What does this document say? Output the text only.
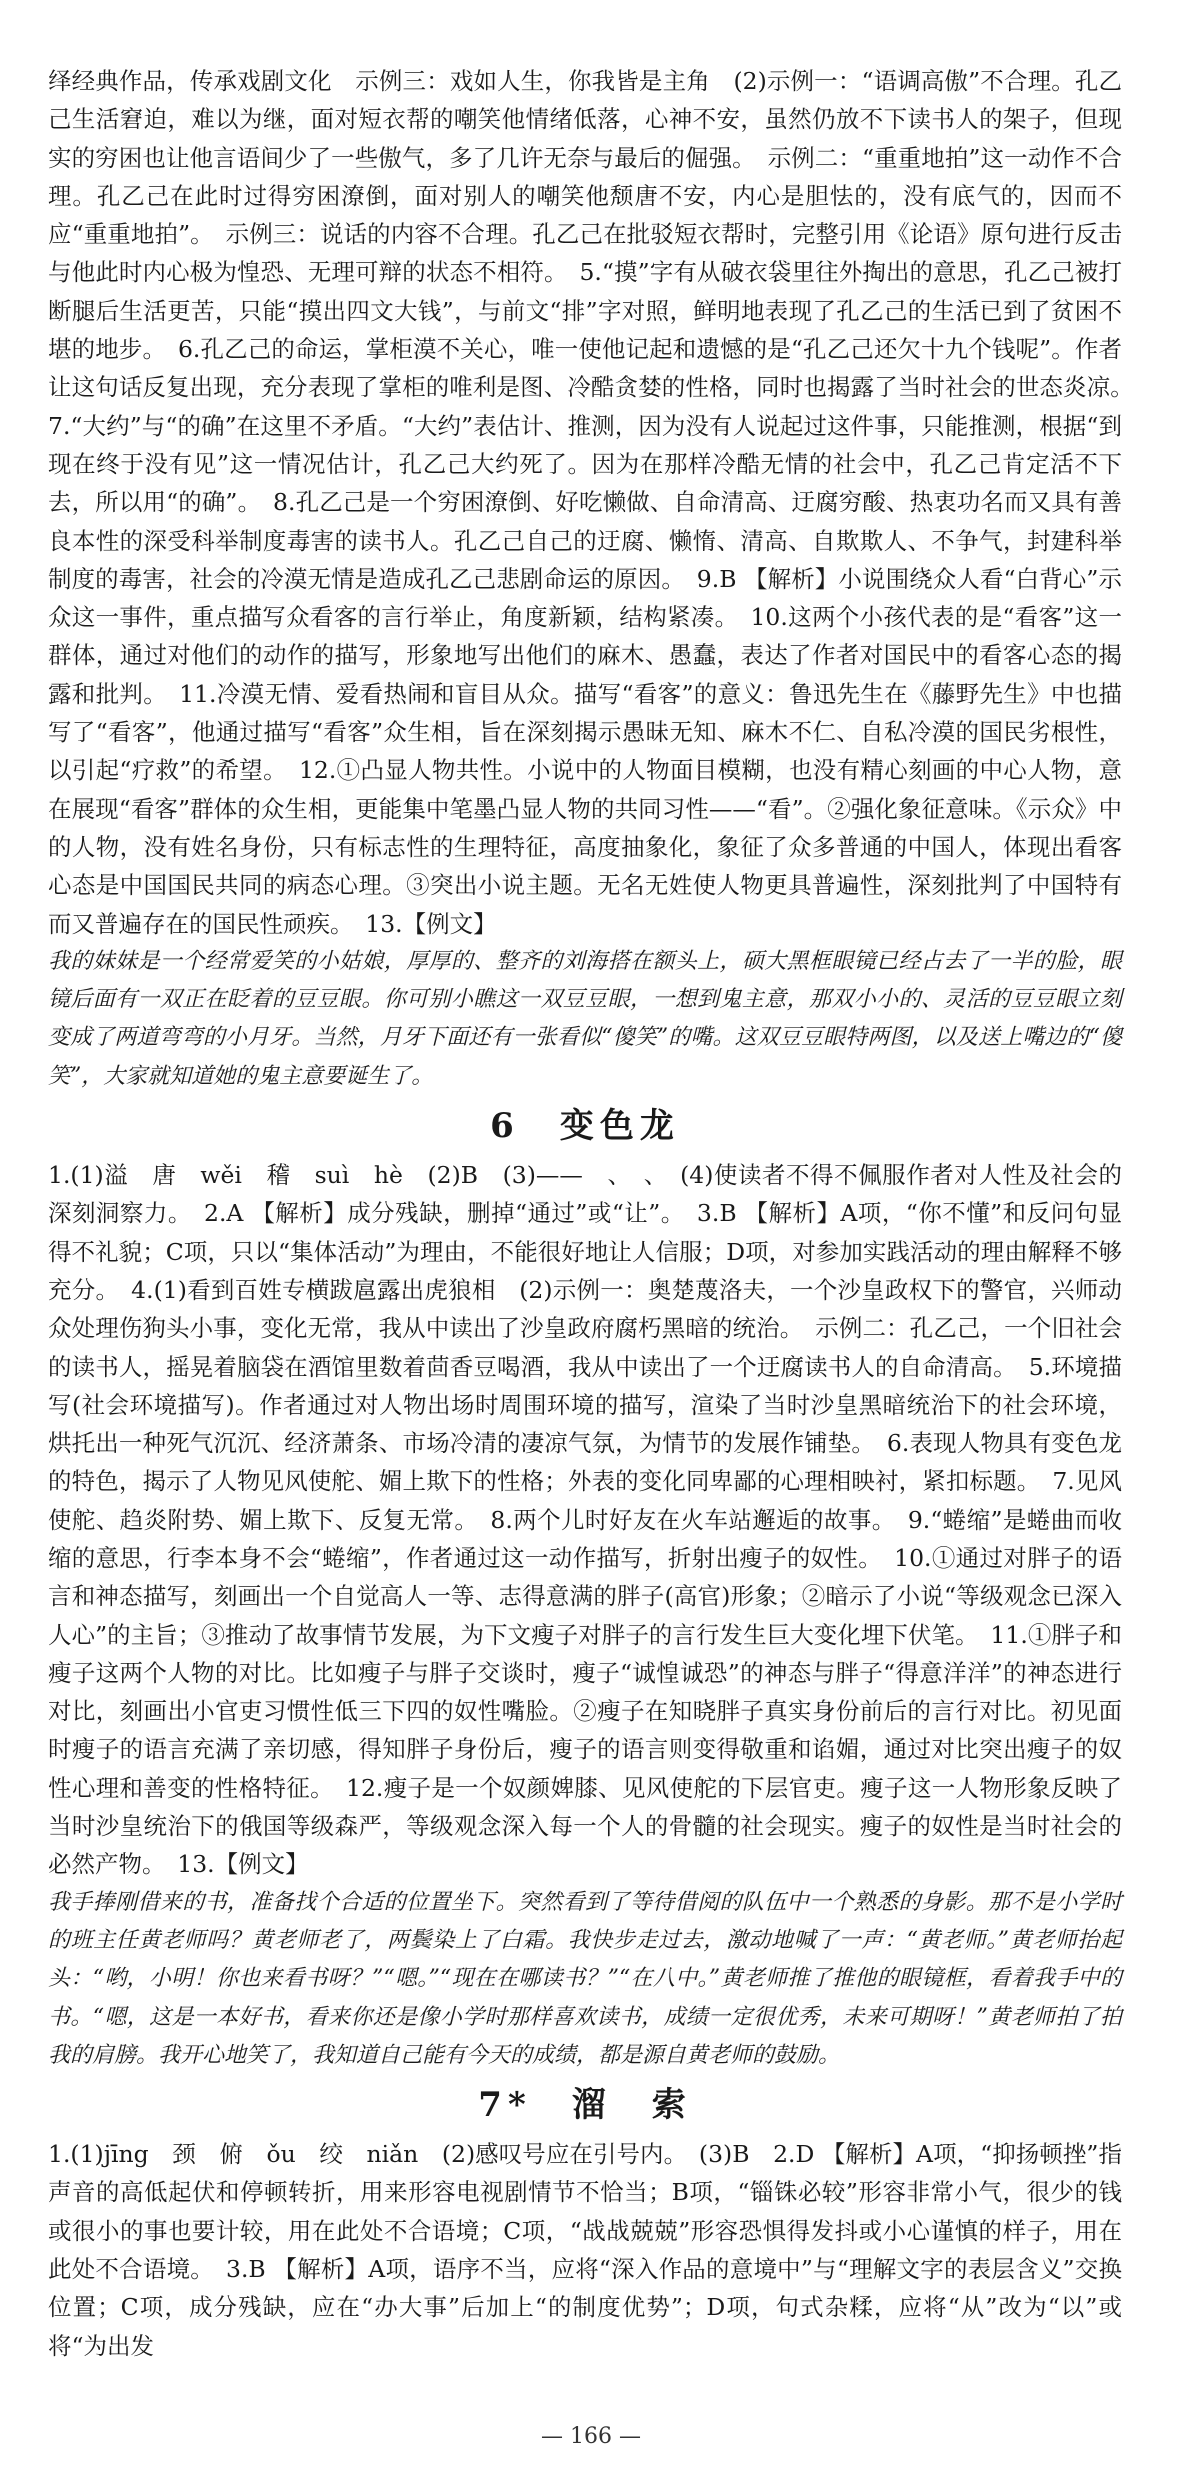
绎经典作品，传承戏剧文化　示例三：戏如人生，你我皆是主角　(2)示例一：“语调高傲”不合理。孔乙己生活窘迫，难以为继，面对短衣帮的嘲笑他情绪低落，心神不安，虽然仍放不下读书人的架子，但现实的穷困也让他言语间少了一些傲气，多了几许无奈与最后的倔强。　示例二：“重重地拍”这一动作不合理。孔乙己在此时过得穷困潦倒，面对别人的嘲笑他颓唐不安，内心是胆怯的，没有底气的，因而不应“重重地拍”。　示例三：说话的内容不合理。孔乙己在批驳短衣帮时，完整引用《论语》原句进行反击与他此时内心极为惶恐、无理可辩的状态不相符。　5.“摸”字有从破衣袋里往外掏出的意思，孔乙己被打断腿后生活更苦，只能“摸出四文大钱”，与前文“排”字对照，鲜明地表现了孔乙己的生活已到了贫困不堪的地步。　6.孔乙己的命运，掌柜漠不关心，唯一使他记起和遗憾的是“孔乙己还欠十九个钱呢”。作者让这句话反复出现，充分表现了掌柜的唯利是图、冷酷贪婪的性格，同时也揭露了当时社会的世态炎凉。　7.“大约”与“的确”在这里不矛盾。“大约”表估计、推测，因为没有人说起过这件事，只能推测，根据“到现在终于没有见”这一情况估计，孔乙己大约死了。因为在那样冷酷无情的社会中，孔乙己肯定活不下去，所以用“的确”。　8.孔乙己是一个穷困潦倒、好吃懒做、自命清高、迂腐穷酸、热衷功名而又具有善良本性的深受科举制度毒害的读书人。孔乙己自己的迂腐、懒惰、清高、自欺欺人、不争气，封建科举制度的毒害，社会的冷漠无情是造成孔乙己悲剧命运的原因。　9.B 【解析】小说围绕众人看“白背心”示众这一事件，重点描写众看客的言行举止，角度新颖，结构紧凑。　10.这两个小孩代表的是“看客”这一群体，通过对他们的动作的描写，形象地写出他们的麻木、愚蠢，表达了作者对国民中的看客心态的揭露和批判。　11.冷漠无情、爱看热闹和盲目从众。描写“看客”的意义：鲁迅先生在《藤野先生》中也描写了“看客”，他通过描写“看客”众生相，旨在深刻揭示愚昧无知、麻木不仁、自私冷漠的国民劣根性，以引起“疗救”的希望。　12.①凸显人物共性。小说中的人物面目模糊，也没有精心刻画的中心人物，意在展现“看客”群体的众生相，更能集中笔墨凸显人物的共同习性——“看”。②强化象征意味。《示众》中的人物，没有姓名身份，只有标志性的生理特征，高度抽象化，象征了众多普通的中国人，体现出看客心态是中国国民共同的病态心理。③突出小说主题。无名无姓使人物更具普遍性，深刻批判了中国特有而又普遍存在的国民性顽疾。　13.【例文】

我的妹妹是一个经常爱笑的小姑娘，厚厚的、整齐的刘海搭在额头上，硕大黑框眼镜已经占去了一半的脸，眼镜后面有一双正在眨着的豆豆眼。你可别小瞧这一双豆豆眼，一想到鬼主意，那双小小的、灵活的豆豆眼立刻变成了两道弯弯的小月牙。当然，月牙下面还有一张看似“傻笑”的嘴。这双豆豆眼特两图，以及送上嘴边的“傻笑”，大家就知道她的鬼主意要诞生了。

6　变色龙

1.(1)溢　唐　wěi　稽　suì　hè　(2)B　(3)——　、　、　(4)使读者不得不佩服作者对人性及社会的深刻洞察力。　2.A 【解析】成分残缺，删掉“通过”或“让”。　3.B 【解析】A项，“你不懂”和反问句显得不礼貌；C项，只以“集体活动”为理由，不能很好地让人信服；D项，对参加实践活动的理由解释不够充分。　4.(1)看到百姓专横跋扈露出虎狼相　(2)示例一：奥楚蔑洛夫，一个沙皇政权下的警官，兴师动众处理伤狗头小事，变化无常，我从中读出了沙皇政府腐朽黑暗的统治。　示例二：孔乙己，一个旧社会的读书人，摇晃着脑袋在酒馆里数着茴香豆喝酒，我从中读出了一个迂腐读书人的自命清高。　5.环境描写(社会环境描写)。作者通过对人物出场时周围环境的描写，渲染了当时沙皇黑暗统治下的社会环境，烘托出一种死气沉沉、经济萧条、市场冷清的凄凉气氛，为情节的发展作铺垫。　6.表现人物具有变色龙的特色，揭示了人物见风使舵、媚上欺下的性格；外表的变化同卑鄙的心理相映衬，紧扣标题。　7.见风使舵、趋炎附势、媚上欺下、反复无常。　8.两个儿时好友在火车站邂逅的故事。　9.“蜷缩”是蜷曲而收缩的意思，行李本身不会“蜷缩”，作者通过这一动作描写，折射出瘦子的奴性。　10.①通过对胖子的语言和神态描写，刻画出一个自觉高人一等、志得意满的胖子(高官)形象；②暗示了小说“等级观念已深入人心”的主旨；③推动了故事情节发展，为下文瘦子对胖子的言行发生巨大变化埋下伏笔。　11.①胖子和瘦子这两个人物的对比。比如瘦子与胖子交谈时，瘦子“诚惶诚恐”的神态与胖子“得意洋洋”的神态进行对比，刻画出小官吏习惯性低三下四的奴性嘴脸。②瘦子在知晓胖子真实身份前后的言行对比。初见面时瘦子的语言充满了亲切感，得知胖子身份后，瘦子的语言则变得敬重和谄媚，通过对比突出瘦子的奴性心理和善变的性格特征。　12.瘦子是一个奴颜婢膝、见风使舵的下层官吏。瘦子这一人物形象反映了当时沙皇统治下的俄国等级森严，等级观念深入每一个人的骨髓的社会现实。瘦子的奴性是当时社会的必然产物。　13.【例文】

我手捧刚借来的书，准备找个合适的位置坐下。突然看到了等待借阅的队伍中一个熟悉的身影。那不是小学时的班主任黄老师吗？黄老师老了，两鬓染上了白霜。我快步走过去，激动地喊了一声：“黄老师。”黄老师抬起头：“哟，小明！你也来看书呀？”“嗯。”“现在在哪读书？”“在八中。”黄老师推了推他的眼镜框，看着我手中的书。“嗯，这是一本好书，看来你还是像小学时那样喜欢读书，成绩一定很优秀，未来可期呀！”黄老师拍了拍我的肩膀。我开心地笑了，我知道自己能有今天的成绩，都是源自黄老师的鼓励。

7*　溜　索

1.(1)jīng　颈　俯　ǒu　绞　niǎn　(2)感叹号应在引号内。　(3)B　2.D 【解析】A项，“抑扬顿挫”指声音的高低起伏和停顿转折，用来形容电视剧情节不恰当；B项，“锱铢必较”形容非常小气，很少的钱或很小的事也要计较，用在此处不合语境；C项，“战战兢兢”形容恐惧得发抖或小心谨慎的样子，用在此处不合语境。　3.B 【解析】A项，语序不当，应将“深入作品的意境中”与“理解文字的表层含义”交换位置；C项，成分残缺，应在“办大事”后加上“的制度优势”；D项，句式杂糅，应将“从”改为“以”或将“为出发

— 166 —
